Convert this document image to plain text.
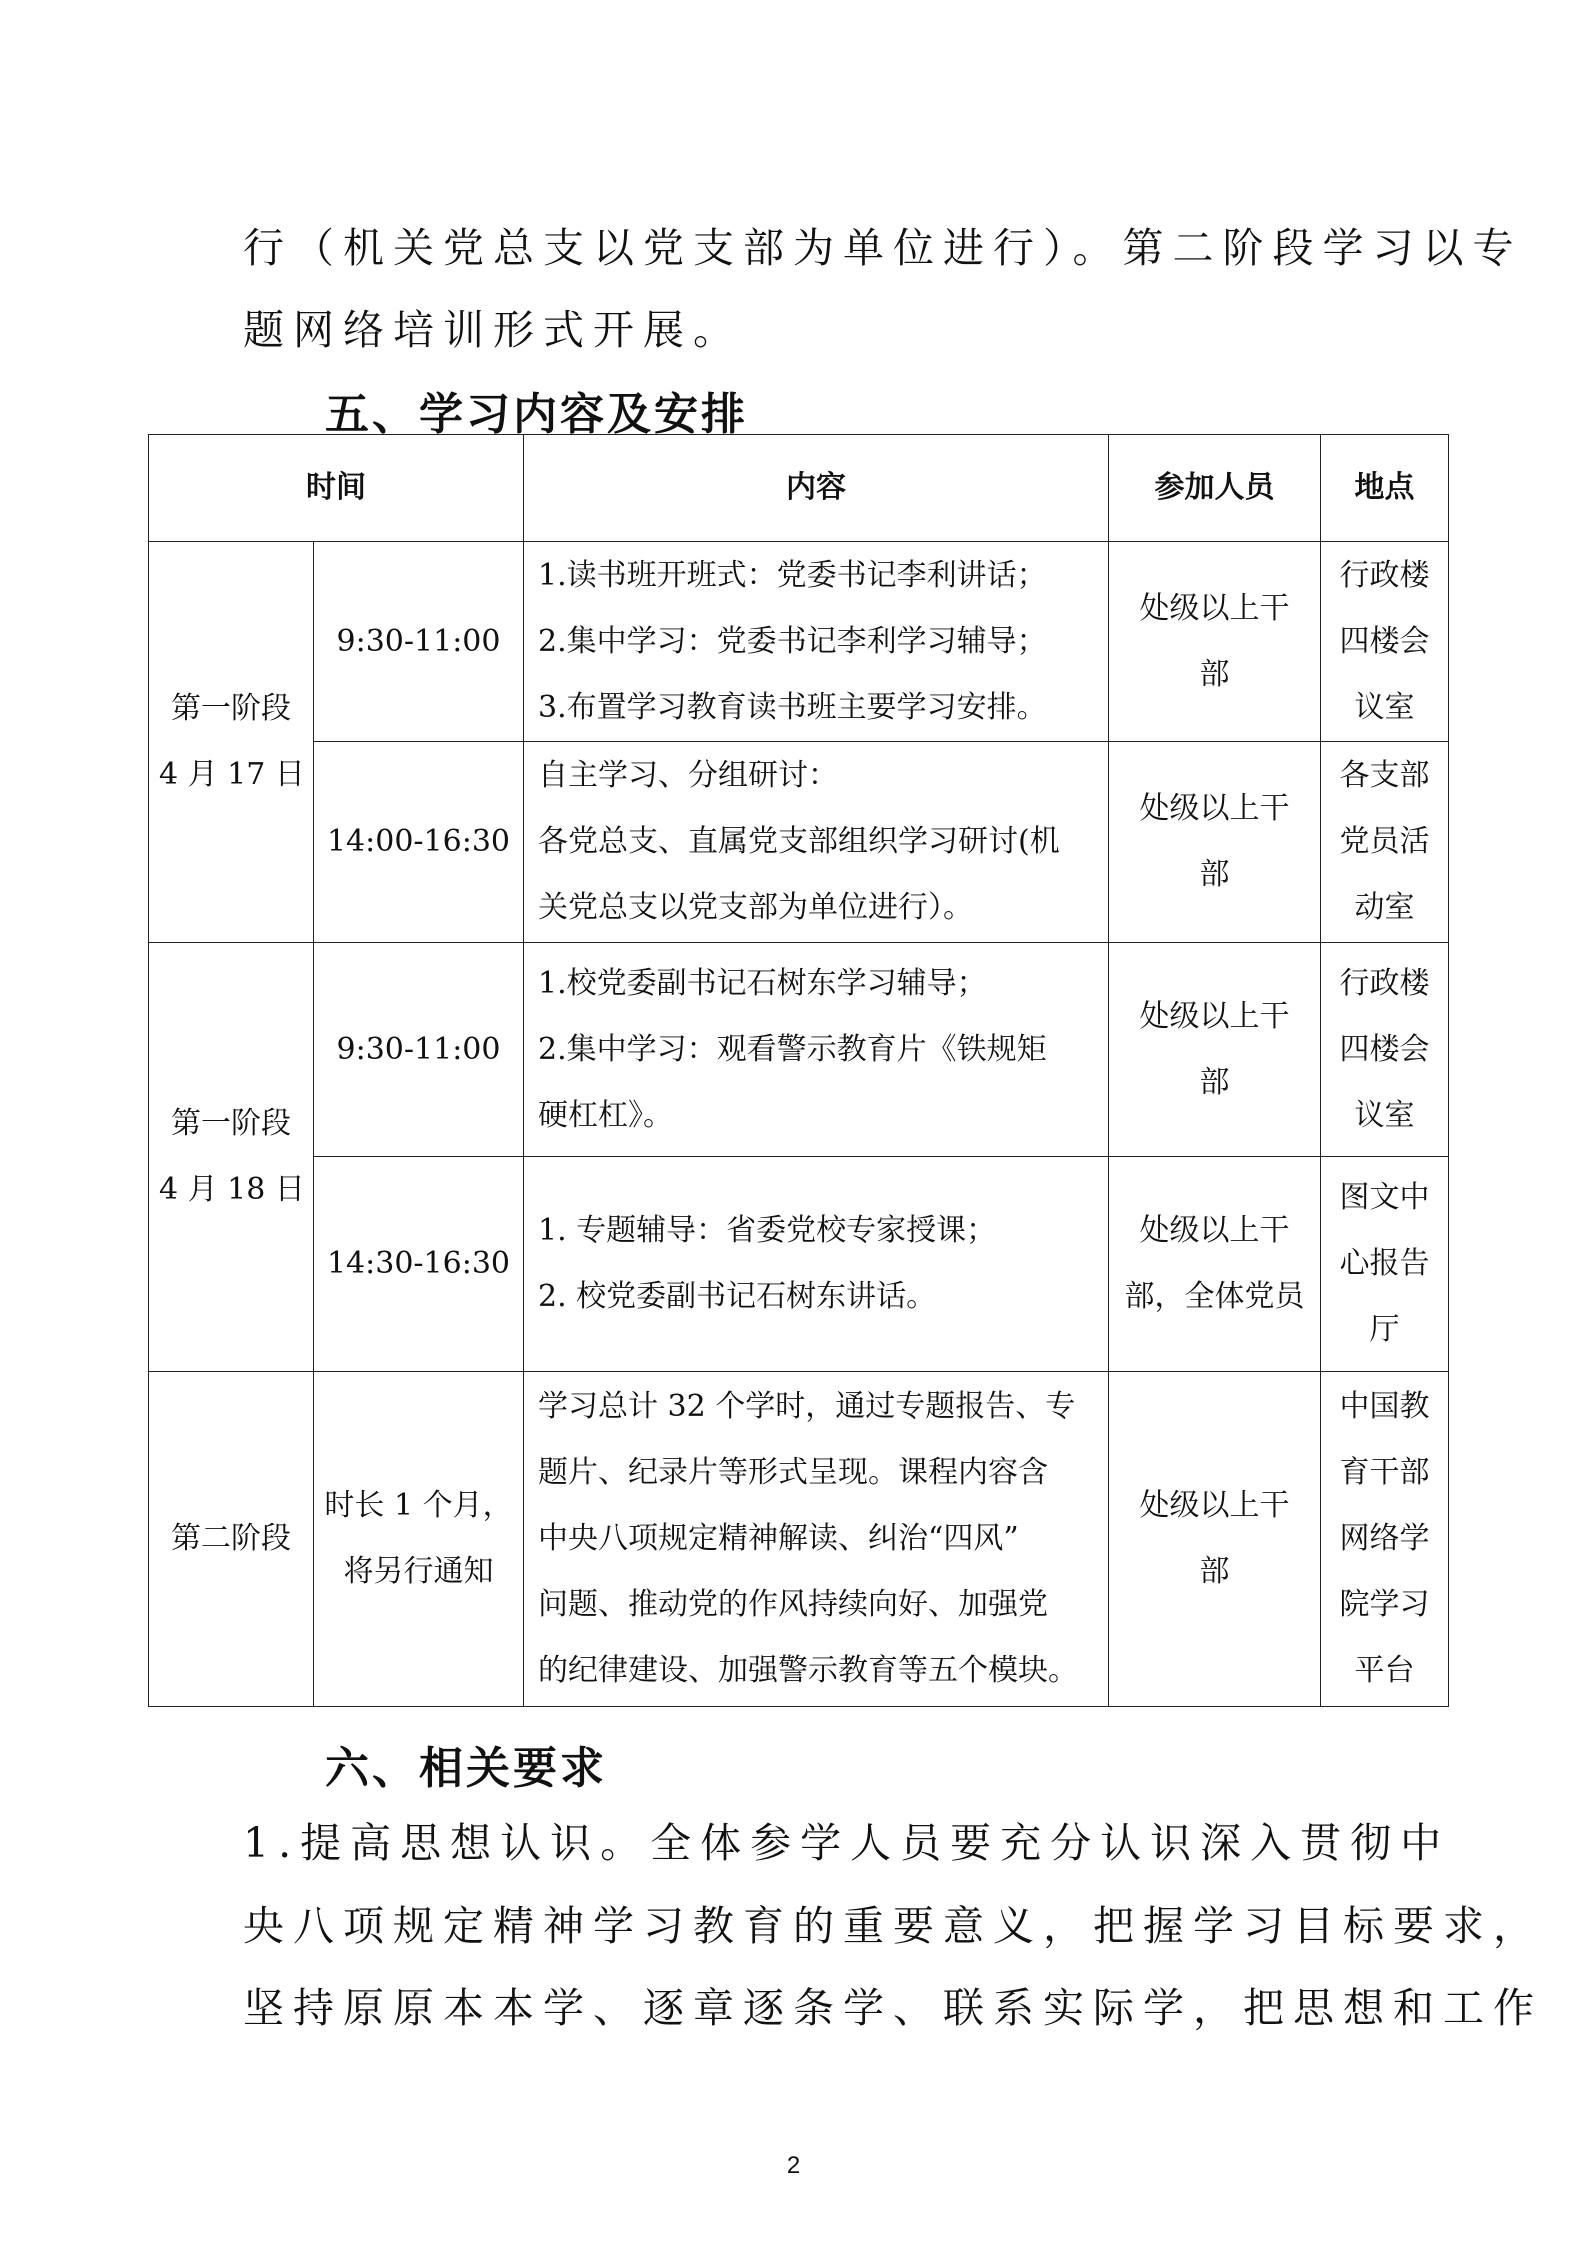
行（机关党总支以党支部为单位进行）。第二阶段学习以专

题网络培训形式开展。

五、学习内容及安排

时间		内容	参加人员	地点

第一阶段
4 月 17 日	9:30-11:00	1.读书班开班式：党委书记李利讲话；
2.集中学习：党委书记李利学习辅导；
3.布置学习教育读书班主要学习安排。	处级以上干
部	行政楼
四楼会
议室

	14:00-16:30	自主学习、分组研讨：
各党总支、直属党支部组织学习研讨(机
关党总支以党支部为单位进行）。	处级以上干
部	各支部
党员活
动室

第一阶段
4 月 18 日	9:30-11:00	1.校党委副书记石树东学习辅导；
2.集中学习：观看警示教育片《铁规矩
硬杠杠》。	处级以上干
部	行政楼
四楼会
议室

	14:30-16:30	1. 专题辅导：省委党校专家授课；
2. 校党委副书记石树东讲话。	处级以上干
部，全体党员	图文中
心报告
厅

第二阶段	时长 1 个月，
将另行通知	学习总计 32 个学时，通过专题报告、专
题片、纪录片等形式呈现。课程内容含
中央八项规定精神解读、纠治“四风”
问题、推动党的作风持续向好、加强党
的纪律建设、加强警示教育等五个模块。	处级以上干
部	中国教
育干部
网络学
院学习
平台

六、相关要求

1.提高思想认识。全体参学人员要充分认识深入贯彻中

央八项规定精神学习教育的重要意义，把握学习目标要求，

坚持原原本本学、逐章逐条学、联系实际学，把思想和工作

2
